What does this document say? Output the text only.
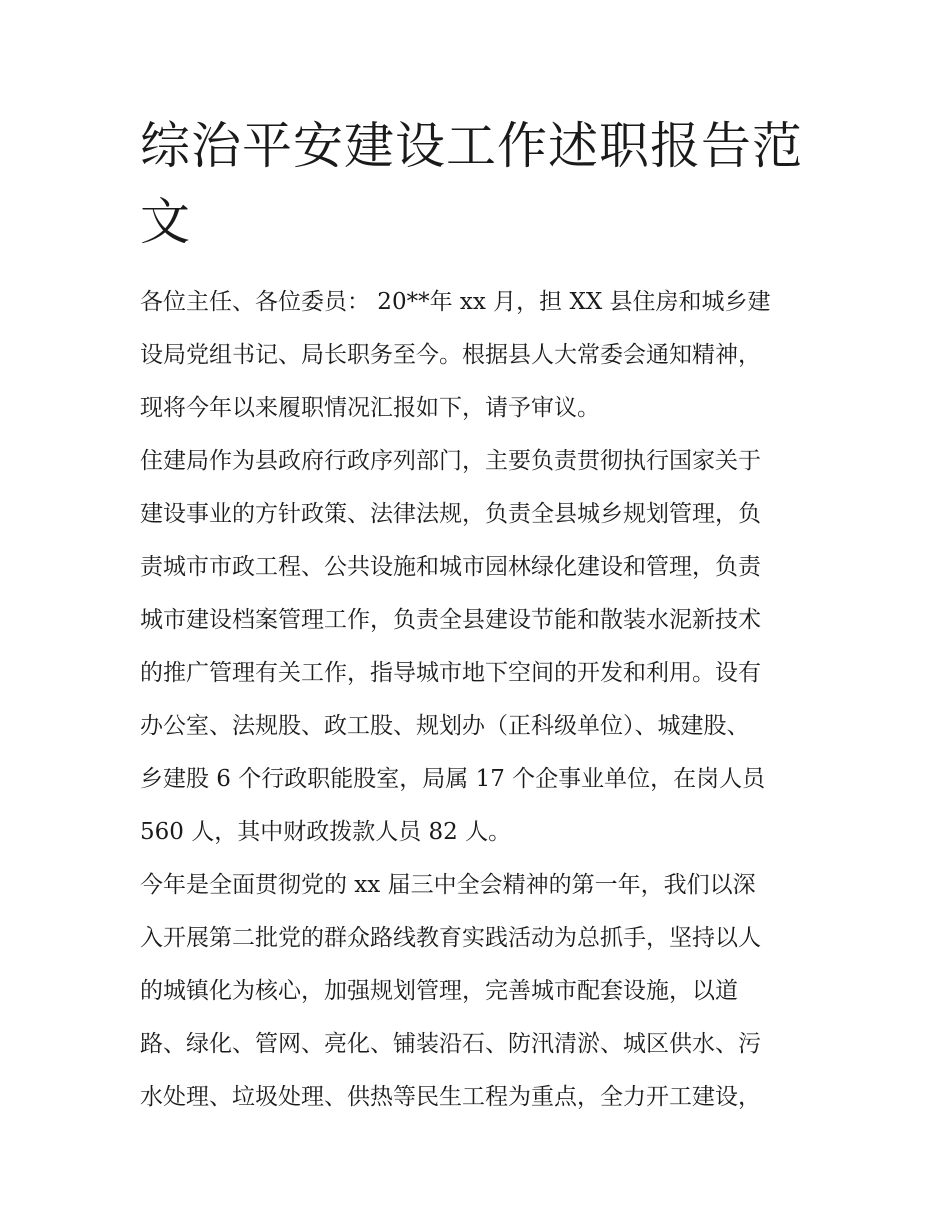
综治平安建设工作述职报告范
文
各位主任、各位委员： 20**年 xx 月，担 XX 县住房和城乡建
设局党组书记、局长职务至今。根据县人大常委会通知精神，
现将今年以来履职情况汇报如下，请予审议。
住建局作为县政府行政序列部门，主要负责贯彻执行国家关于
建设事业的方针政策、法律法规，负责全县城乡规划管理，负
责城市市政工程、公共设施和城市园林绿化建设和管理，负责
城市建设档案管理工作，负责全县建设节能和散装水泥新技术
的推广管理有关工作，指导城市地下空间的开发和利用。设有
办公室、法规股、政工股、规划办（正科级单位）、城建股、
乡建股 6 个行政职能股室，局属 17 个企事业单位，在岗人员
560 人，其中财政拨款人员 82 人。
今年是全面贯彻党的 xx 届三中全会精神的第一年，我们以深
入开展第二批党的群众路线教育实践活动为总抓手，坚持以人
的城镇化为核心，加强规划管理，完善城市配套设施，以道
路、绿化、管网、亮化、铺装沿石、防汛清淤、城区供水、污
水处理、垃圾处理、供热等民生工程为重点，全力开工建设，
